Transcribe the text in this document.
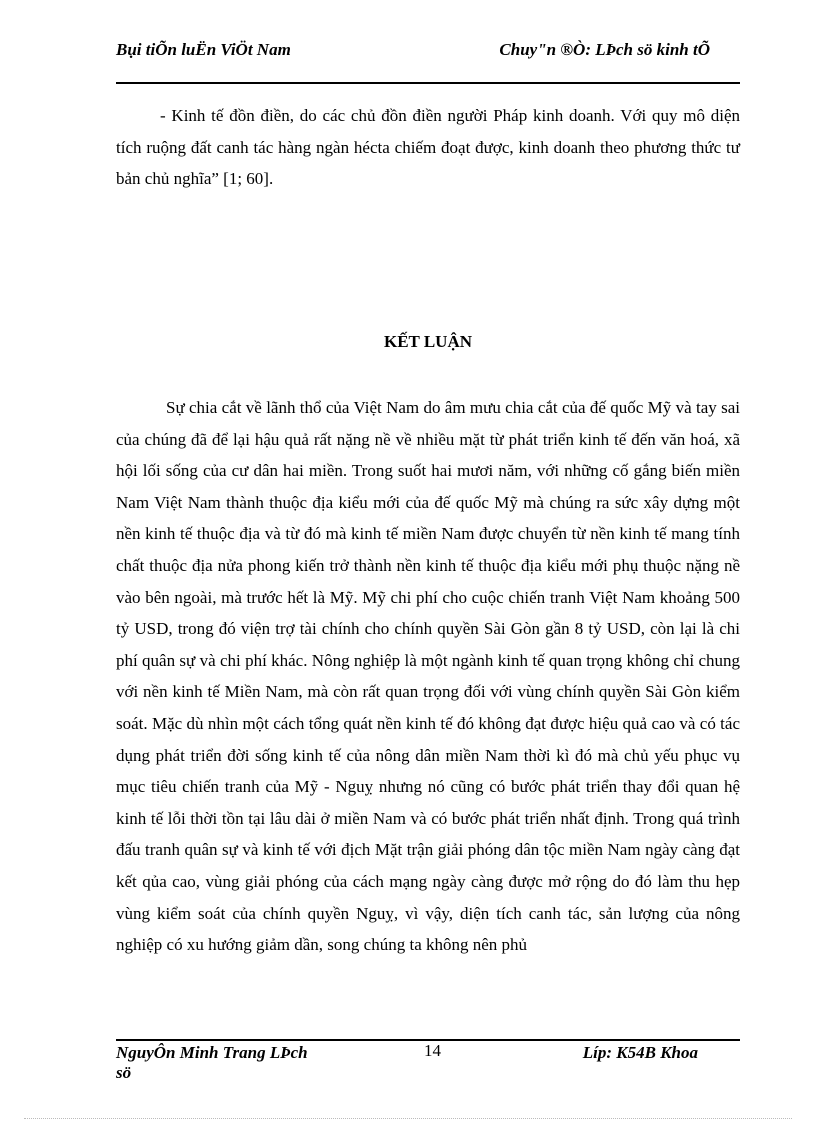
Bụi tiÕn luËn ViÖt Nam	Chuy"n ®Ò: LÞch sö kinh tÕ

- Kinh tế đồn điền, do các chủ đồn điền người Pháp kinh doanh. Với quy mô diện tích ruộng đất canh tác hàng ngàn hécta chiếm đoạt được, kinh doanh theo phương thức tư bản chủ nghĩa” [1; 60].

KẾT LUẬN

Sự chia cắt về lãnh thổ của Việt Nam do âm mưu chia cắt của đế quốc Mỹ và tay sai của chúng đã để lại hậu quả rất nặng nề về nhiều mặt từ phát triển kinh tế đến văn hoá, xã hội lối sống của cư dân hai miền. Trong suốt hai mươi năm, với những cố gắng biến miền Nam Việt Nam thành thuộc địa kiểu mới của đế quốc Mỹ mà chúng ra sức xây dựng một nền kinh tế thuộc địa và từ đó mà kinh tế miền Nam được chuyển từ nền kinh tế mang tính chất thuộc địa nửa phong kiến trở thành nền kinh tế thuộc địa kiểu mới phụ thuộc nặng nề vào bên ngoài, mà trước hết là Mỹ. Mỹ chi phí cho cuộc chiến tranh Việt Nam khoảng 500 tỷ USD, trong đó viện trợ tài chính cho chính quyền Sài Gòn gần 8 tỷ USD, còn lại là chi phí quân sự và chi phí khác. Nông nghiệp là một ngành kinh tế quan trọng không chỉ chung với nền kinh tế Miền Nam, mà còn rất quan trọng đối với vùng chính quyền Sài Gòn kiểm soát. Mặc dù nhìn một cách tổng quát nền kinh tế đó không đạt được hiệu quả cao và có tác dụng phát triển đời sống kinh tế của nông dân miền Nam thời kì đó mà chủ yếu phục vụ mục tiêu chiến tranh của Mỹ - Nguỵ nhưng nó cũng có bước phát triển thay đổi quan hệ kinh tế lỗi thời tồn tại lâu dài ở miền Nam và có bước phát triển nhất định. Trong quá trình đấu tranh quân sự và kinh tế với địch Mặt trận giải phóng dân tộc miền Nam ngày càng đạt kết qủa cao, vùng giải phóng của cách mạng ngày càng được mở rộng do đó làm thu hẹp vùng kiểm soát của chính quyền Nguỵ, vì vậy, diện tích canh tác, sản lượng của nông nghiệp có xu hướng giảm dần, song chúng ta không nên phủ

NguyÔn Minh Trang LÞch sö
14	Líp: K54B Khoa
